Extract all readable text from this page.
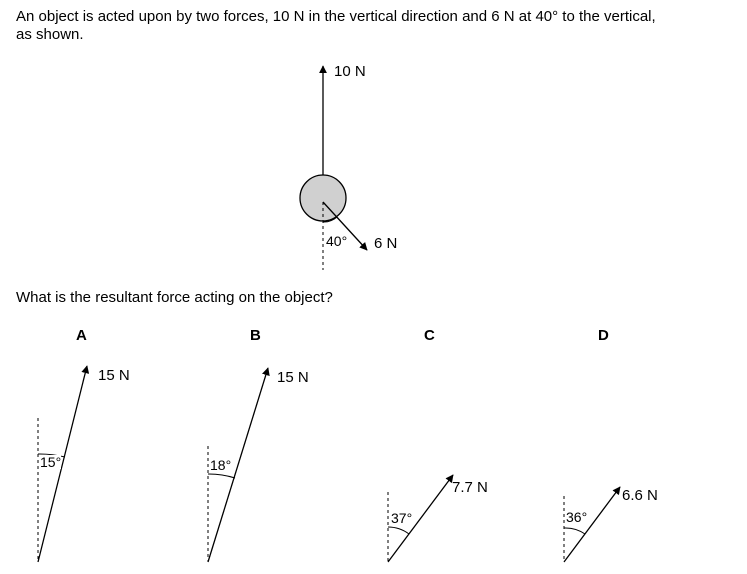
An object is acted upon by two forces, 10 N in the vertical direction and 6 N at 40° to the vertical,
as shown.
10 N
40° 6 N
What is the resultant force acting on the object?
A	B	C	D
15 N	15 N
7.7 N	6.6 N
15°	18°
37°	36°
